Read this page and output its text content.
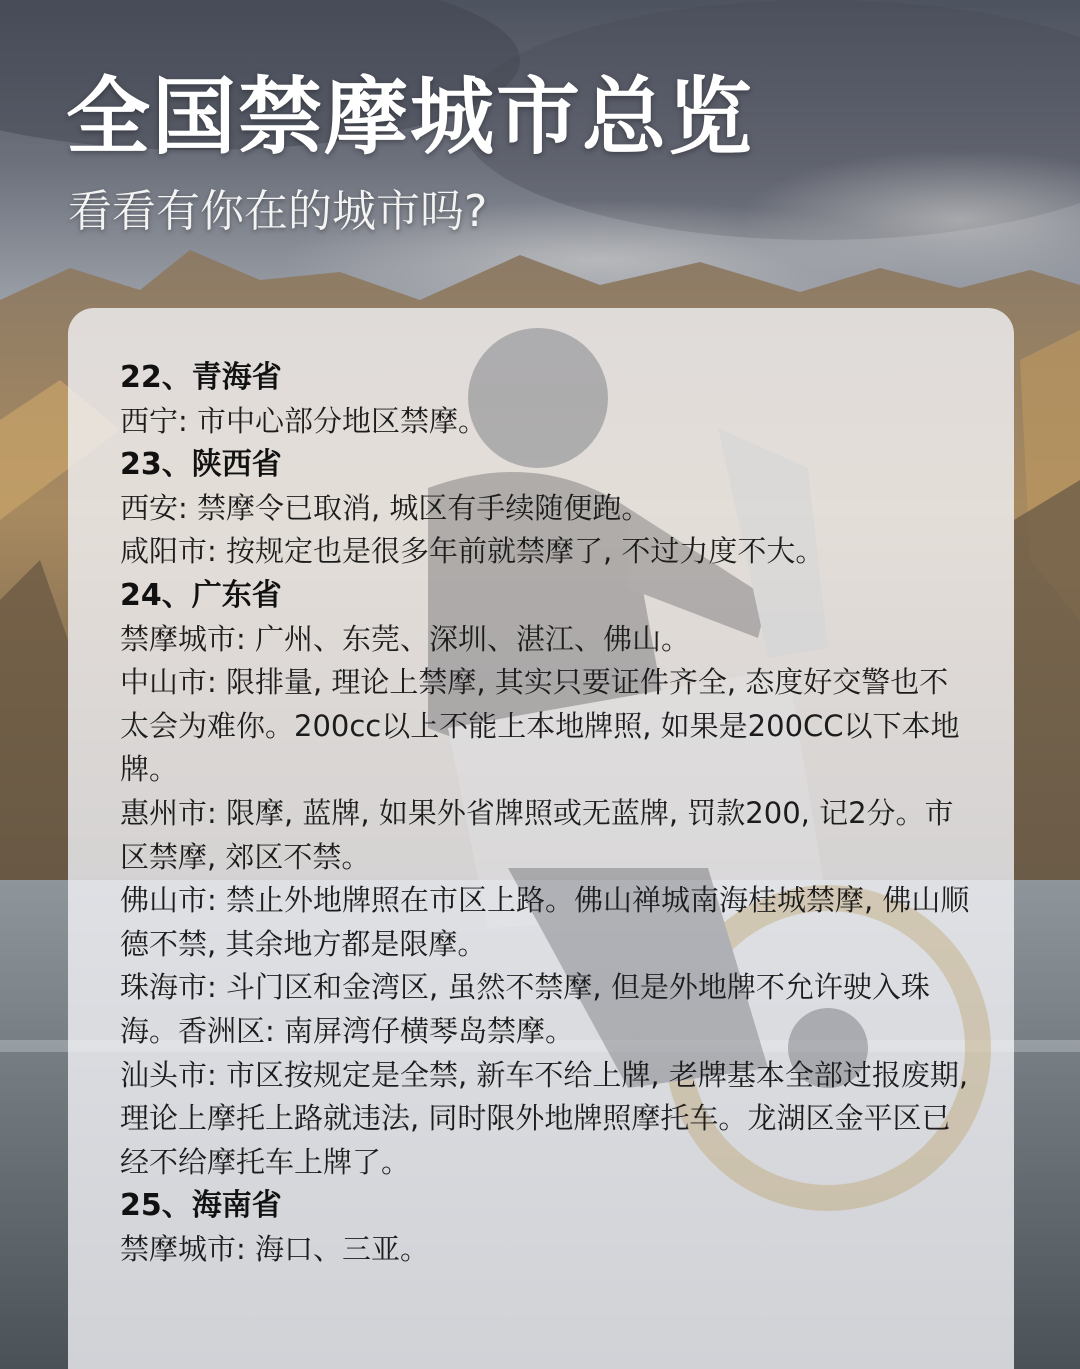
全国禁摩城市总览
看看有你在的城市吗?
22、青海省

西宁: 市中心部分地区禁摩。

23、陕西省

西安: 禁摩令已取消, 城区有手续随便跑。

咸阳市: 按规定也是很多年前就禁摩了, 不过力度不大。

24、广东省

禁摩城市: 广州、东莞、深圳、湛江、佛山。

中山市: 限排量, 理论上禁摩, 其实只要证件齐全, 态度好交警也不太会为难你。200cc以上不能上本地牌照, 如果是200CC以下本地牌。

惠州市: 限摩, 蓝牌, 如果外省牌照或无蓝牌, 罚款200, 记2分。市区禁摩, 郊区不禁。

佛山市: 禁止外地牌照在市区上路。佛山禅城南海桂城禁摩, 佛山顺德不禁, 其余地方都是限摩。

珠海市: 斗门区和金湾区, 虽然不禁摩, 但是外地牌不允许驶入珠海。香洲区: 南屏湾仔横琴岛禁摩。

汕头市: 市区按规定是全禁, 新车不给上牌, 老牌基本全部过报废期, 理论上摩托上路就违法, 同时限外地牌照摩托车。龙湖区金平区已经不给摩托车上牌了。

25、海南省

禁摩城市: 海口、三亚。
